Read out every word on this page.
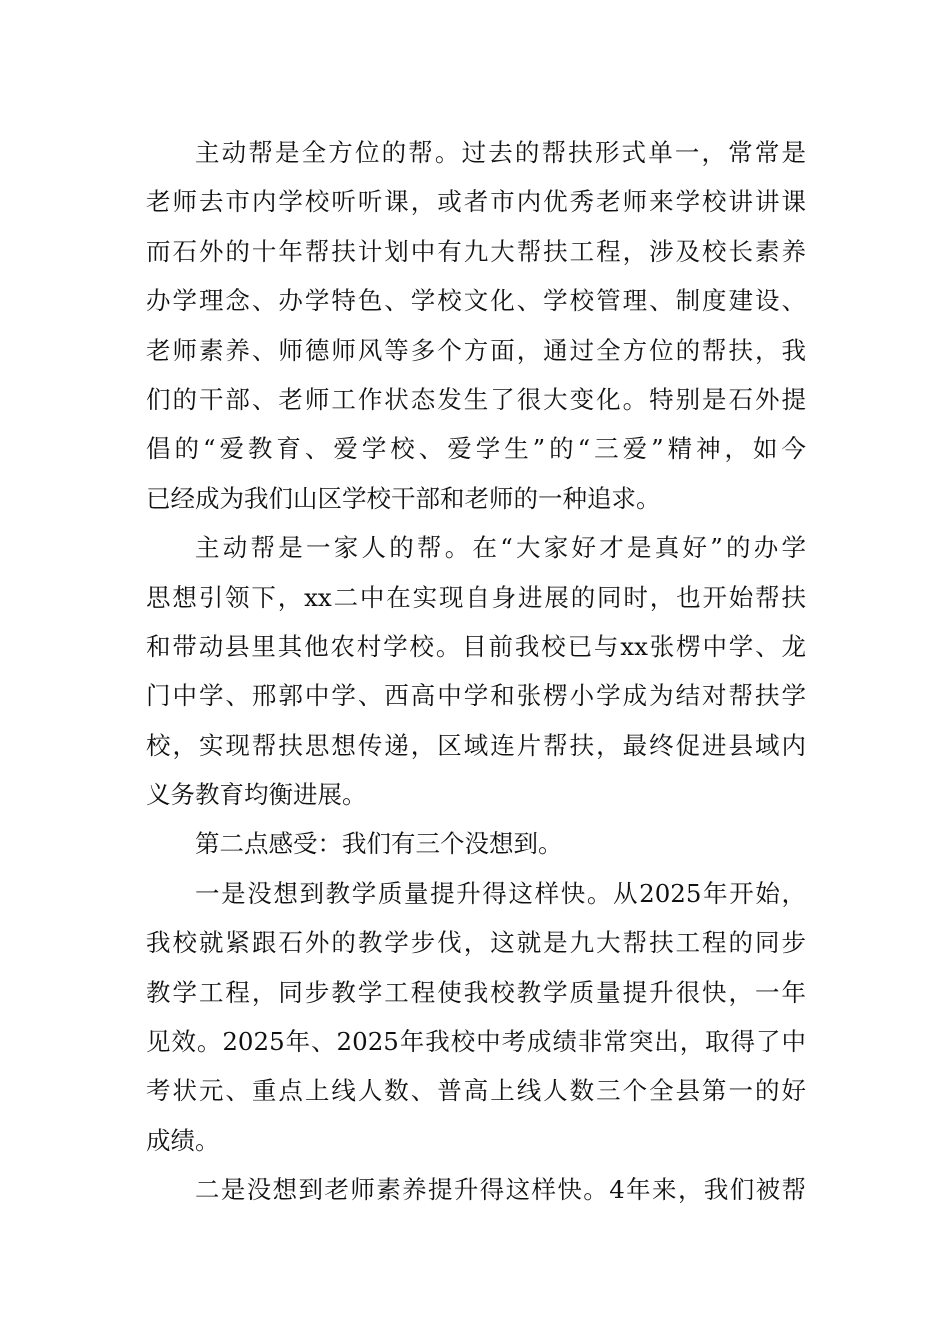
主动帮是全方位的帮。过去的帮扶形式单一，常常是
老师去市内学校听听课，或者市内优秀老师来学校讲讲课
而石外的十年帮扶计划中有九大帮扶工程，涉及校长素养
办学理念、办学特色、学校文化、学校管理、制度建设、
老师素养、师德师风等多个方面，通过全方位的帮扶，我
们的干部、老师工作状态发生了很大变化。特别是石外提
倡的“爱教育、爱学校、爱学生”的“三爱”精神，如今
已经成为我们山区学校干部和老师的一种追求。
主动帮是一家人的帮。在“大家好才是真好”的办学
思想引领下，xx二中在实现自身进展的同时，也开始帮扶
和带动县里其他农村学校。目前我校已与xx张楞中学、龙
门中学、邢郭中学、西高中学和张楞小学成为结对帮扶学
校，实现帮扶思想传递，区域连片帮扶，最终促进县域内
义务教育均衡进展。
第二点感受：我们有三个没想到。
一是没想到教学质量提升得这样快。从2025年开始，
我校就紧跟石外的教学步伐，这就是九大帮扶工程的同步
教学工程，同步教学工程使我校教学质量提升很快，一年
见效。2025年、2025年我校中考成绩非常突出，取得了中
考状元、重点上线人数、普高上线人数三个全县第一的好
成绩。
二是没想到老师素养提升得这样快。4年来，我们被帮
